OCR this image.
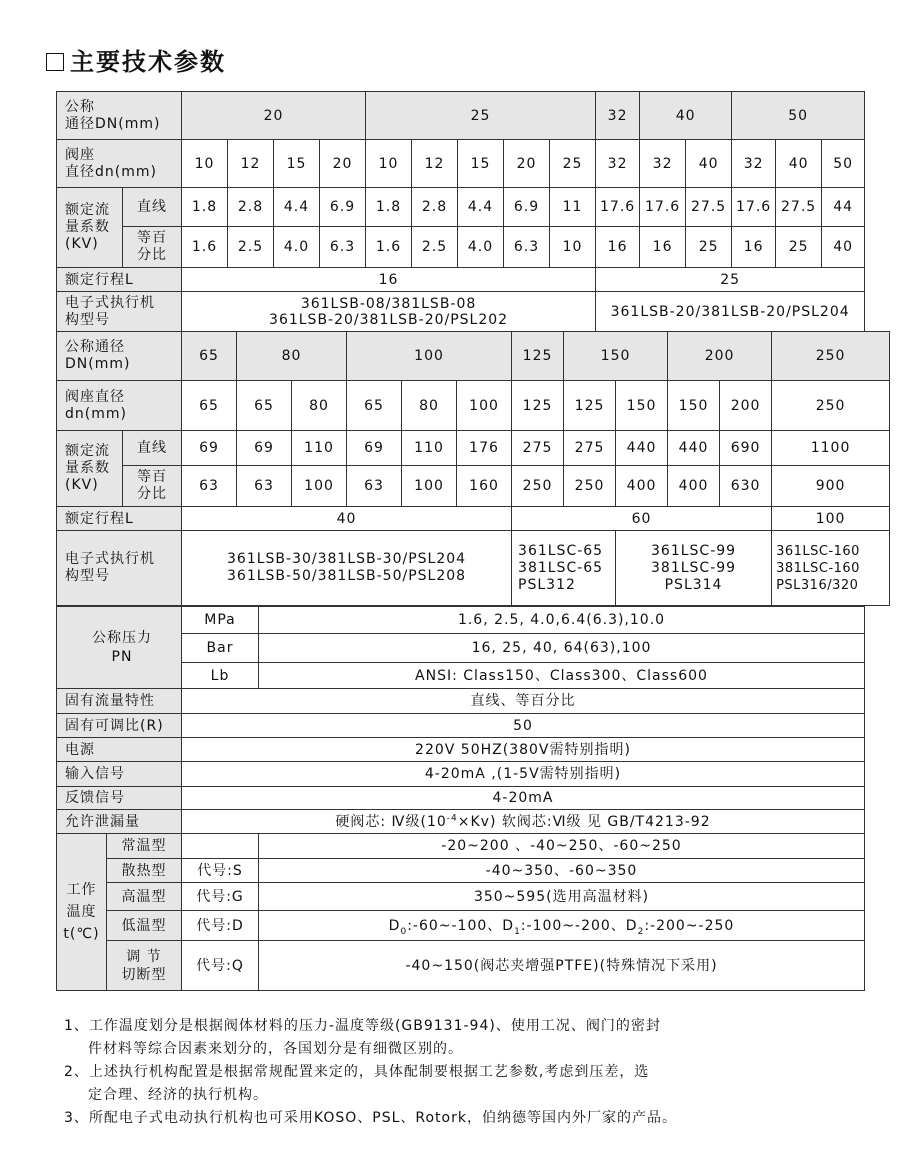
主要技术参数
公称
通径DN(mm)		20				25					32	40		50		
阀座
直径dn(mm)		10	12	15	20	10	12	15	20	25	32	32	40	32	40	50
额定流
量系数
(KV)	直线	1.8	2.8	4.4	6.9	1.8	2.8	4.4	6.9	11	17.6	17.6	27.5	17.6	27.5	44
	等百
分比	1.6	2.5	4.0	6.3	1.6	2.5	4.0	6.3	10	16	16	25	16	25	40
额定行程L		16									25					
电子式执行机
构型号		361LSB-08/381LSB-08
361LSB-20/381LSB-20/PSL202									361LSB-20/381LSB-20/PSL204					
公称通径
DN(mm)		65	80		100			125	150		200		250
阀座直径
dn(mm)		65	65	80	65	80	100	125	125	150	150	200	250
额定流
量系数
(KV)	直线	69	69	110	69	110	176	275	275	440	440	690	1100
	等百
分比	63	63	100	63	100	160	250	250	400	400	630	900
额定行程L		40						60					100
电子式执行机
构型号		361LSB-30/381LSB-30/PSL204
361LSB-50/381LSB-50/PSL208						361LSC-65
381LSC-65
PSL312		361LSC-99
381LSC-99
PSL314			361LSC-160
381LSC-160
PSL316/320
公称压力
PN		MPa	1.6, 2.5, 4.0,6.4(6.3),10.0
		Bar	16, 25, 40, 64(63),100
		Lb	ANSI: Class150、Class300、Class600
固有流量特性		直线、等百分比	
固有可调比(R)		50	
电源		220V 50HZ(380V需特别指明)	
输入信号		4-20mA ,(1-5V需特别指明)	
反馈信号		4-20mA	
允许泄漏量		硬阀芯: Ⅳ级$(10^{-4}\times Kv)$ 软阀芯:Ⅵ级 见 GB/T4213-92	
工作
温度
t(℃)	常温型		-20~200 、-40~250、-60~250
	散热型	代号:S	-40~350、-60~350
	高温型	代号:G	350~595(选用高温材料)
	低温型	代号:D	$D_0:-60\sim-100$、$D_1:-100\sim-200$、$D_2:-200\sim-250$
	调 节
切断型	代号:Q	-40~150(阀芯夹增强PTFE)(特殊情况下采用)

1、工作温度划分是根据阀体材料的压力-温度等级(GB9131-94)、使用工况、阀门的密封

件材料等综合因素来划分的，各国划分是有细微区别的。

2、上述执行机构配置是根据常规配置来定的，具体配制要根据工艺参数,考虑到压差，选

定合理、经济的执行机构。

3、所配电子式电动执行机构也可采用KOSO、PSL、Rotork，伯纳德等国内外厂家的产品。
